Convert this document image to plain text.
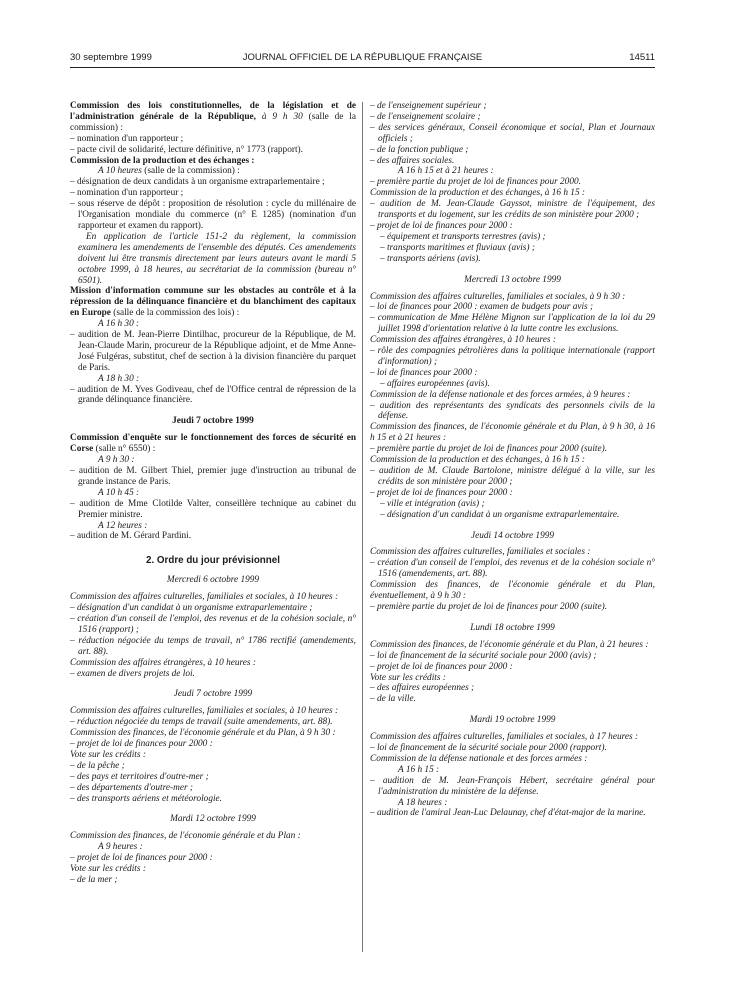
30 septembre 1999	JOURNAL OFFICIEL DE LA RÉPUBLIQUE FRANÇAISE	14511

Commission des lois constitutionnelles, de la législation et de l'administration générale de la République, à 9 h 30 (salle de la commission) :

– nomination d'un rapporteur ;

– pacte civil de solidarité, lecture définitive, n° 1773 (rapport).

Commission de la production et des échanges :

A 10 heures (salle de la commission) :

– désignation de deux candidats à un organisme extraparlementaire ;

– nomination d'un rapporteur ;

– sous réserve de dépôt : proposition de résolution : cycle du millénaire de l'Organisation mondiale du commerce (n° E 1285) (nomination d'un rapporteur et examen du rapport).

En application de l'article 151-2 du règlement, la commission examinera les amendements de l'ensemble des députés. Ces amendements doivent lui être transmis directement par leurs auteurs avant le mardi 5 octobre 1999, à 18 heures, au secrétariat de la commission (bureau n° 6501).

Mission d'information commune sur les obstacles au contrôle et à la répression de la délinquance financière et du blanchiment des capitaux en Europe (salle de la commission des lois) :

A 16 h 30 :

– audition de M. Jean-Pierre Dintilhac, procureur de la République, de M. Jean-Claude Marin, procureur de la République adjoint, et de Mme Anne-José Fulgéras, substitut, chef de section à la division financière du parquet de Paris.

A 18 h 30 :

– audition de M. Yves Godiveau, chef de l'Office central de répression de la grande délinquance financière.

Jeudi 7 octobre 1999

Commission d'enquête sur le fonctionnement des forces de sécurité en Corse (salle n° 6550) :

A 9 h 30 :

– audition de M. Gilbert Thiel, premier juge d'instruction au tribunal de grande instance de Paris.

A 10 h 45 :

– audition de Mme Clotilde Valter, conseillère technique au cabinet du Premier ministre.

A 12 heures :

– audition de M. Gérard Pardini.

2. Ordre du jour prévisionnel

Mercredi 6 octobre 1999

Commission des affaires culturelles, familiales et sociales, à 10 heures :

– désignation d'un candidat à un organisme extraparlementaire ;

– création d'un conseil de l'emploi, des revenus et de la cohésion sociale, n° 1516 (rapport) ;

– réduction négociée du temps de travail, n° 1786 rectifié (amendements, art. 88).

Commission des affaires étrangères, à 10 heures :

– examen de divers projets de loi.

Jeudi 7 octobre 1999

Commission des affaires culturelles, familiales et sociales, à 10 heures :

– réduction négociée du temps de travail (suite amendements, art. 88).

Commission des finances, de l'économie générale et du Plan, à 9 h 30 :

– projet de loi de finances pour 2000 :

Vote sur les crédits :

– de la pêche ;

– des pays et territoires d'outre-mer ;

– des départements d'outre-mer ;

– des transports aériens et météorologie.

Mardi 12 octobre 1999

Commission des finances, de l'économie générale et du Plan :

A 9 heures :

– projet de loi de finances pour 2000 :

Vote sur les crédits :

– de la mer ;

– de l'enseignement supérieur ;

– de l'enseignement scolaire ;

– des services généraux, Conseil économique et social, Plan et Journaux officiels ;

– de la fonction publique ;

– des affaires sociales.

A 16 h 15 et à 21 heures :

– première partie du projet de loi de finances pour 2000.

Commission de la production et des échanges, à 16 h 15 :

– audition de M. Jean-Claude Gayssot, ministre de l'équipement, des transports et du logement, sur les crédits de son ministère pour 2000 ;

– projet de loi de finances pour 2000 :

– équipement et transports terrestres (avis) ;

– transports maritimes et fluviaux (avis) ;

– transports aériens (avis).

Mercredi 13 octobre 1999

Commission des affaires culturelles, familiales et sociales, à 9 h 30 :

– loi de finances pour 2000 : examen de budgets pour avis ;

– communication de Mme Hélène Mignon sur l'application de la loi du 29 juillet 1998 d'orientation relative à la lutte contre les exclusions.

Commission des affaires étrangères, à 10 heures :

– rôle des compagnies pétrolières dans la politique internationale (rapport d'information) ;

– loi de finances pour 2000 :

– affaires européennes (avis).

Commission de la défense nationale et des forces armées, à 9 heures :

– audition des représentants des syndicats des personnels civils de la défense.

Commission des finances, de l'économie générale et du Plan, à 9 h 30, à 16 h 15 et à 21 heures :

– première partie du projet de loi de finances pour 2000 (suite).

Commission de la production et des échanges, à 16 h 15 :

– audition de M. Claude Bartolone, ministre délégué à la ville, sur les crédits de son ministère pour 2000 ;

– projet de loi de finances pour 2000 :

– ville et intégration (avis) ;

– désignation d'un candidat à un organisme extraparlementaire.

Jeudi 14 octobre 1999

Commission des affaires culturelles, familiales et sociales :

– création d'un conseil de l'emploi, des revenus et de la cohésion sociale n° 1516 (amendements, art. 88).

Commission des finances, de l'économie générale et du Plan, éventuellement, à 9 h 30 :

– première partie du projet de loi de finances pour 2000 (suite).

Lundi 18 octobre 1999

Commission des finances, de l'économie générale et du Plan, à 21 heures :

– loi de financement de la sécurité sociale pour 2000 (avis) ;

– projet de loi de finances pour 2000 :

Vote sur les crédits :

– des affaires européennes ;

– de la ville.

Mardi 19 octobre 1999

Commission des affaires culturelles, familiales et sociales, à 17 heures :

– loi de financement de la sécurité sociale pour 2000 (rapport).

Commission de la défense nationale et des forces armées :

A 16 h 15 :

– audition de M. Jean-François Hébert, secrétaire général pour l'administration du ministère de la défense.

A 18 heures :

– audition de l'amiral Jean-Luc Delaunay, chef d'état-major de la marine.
